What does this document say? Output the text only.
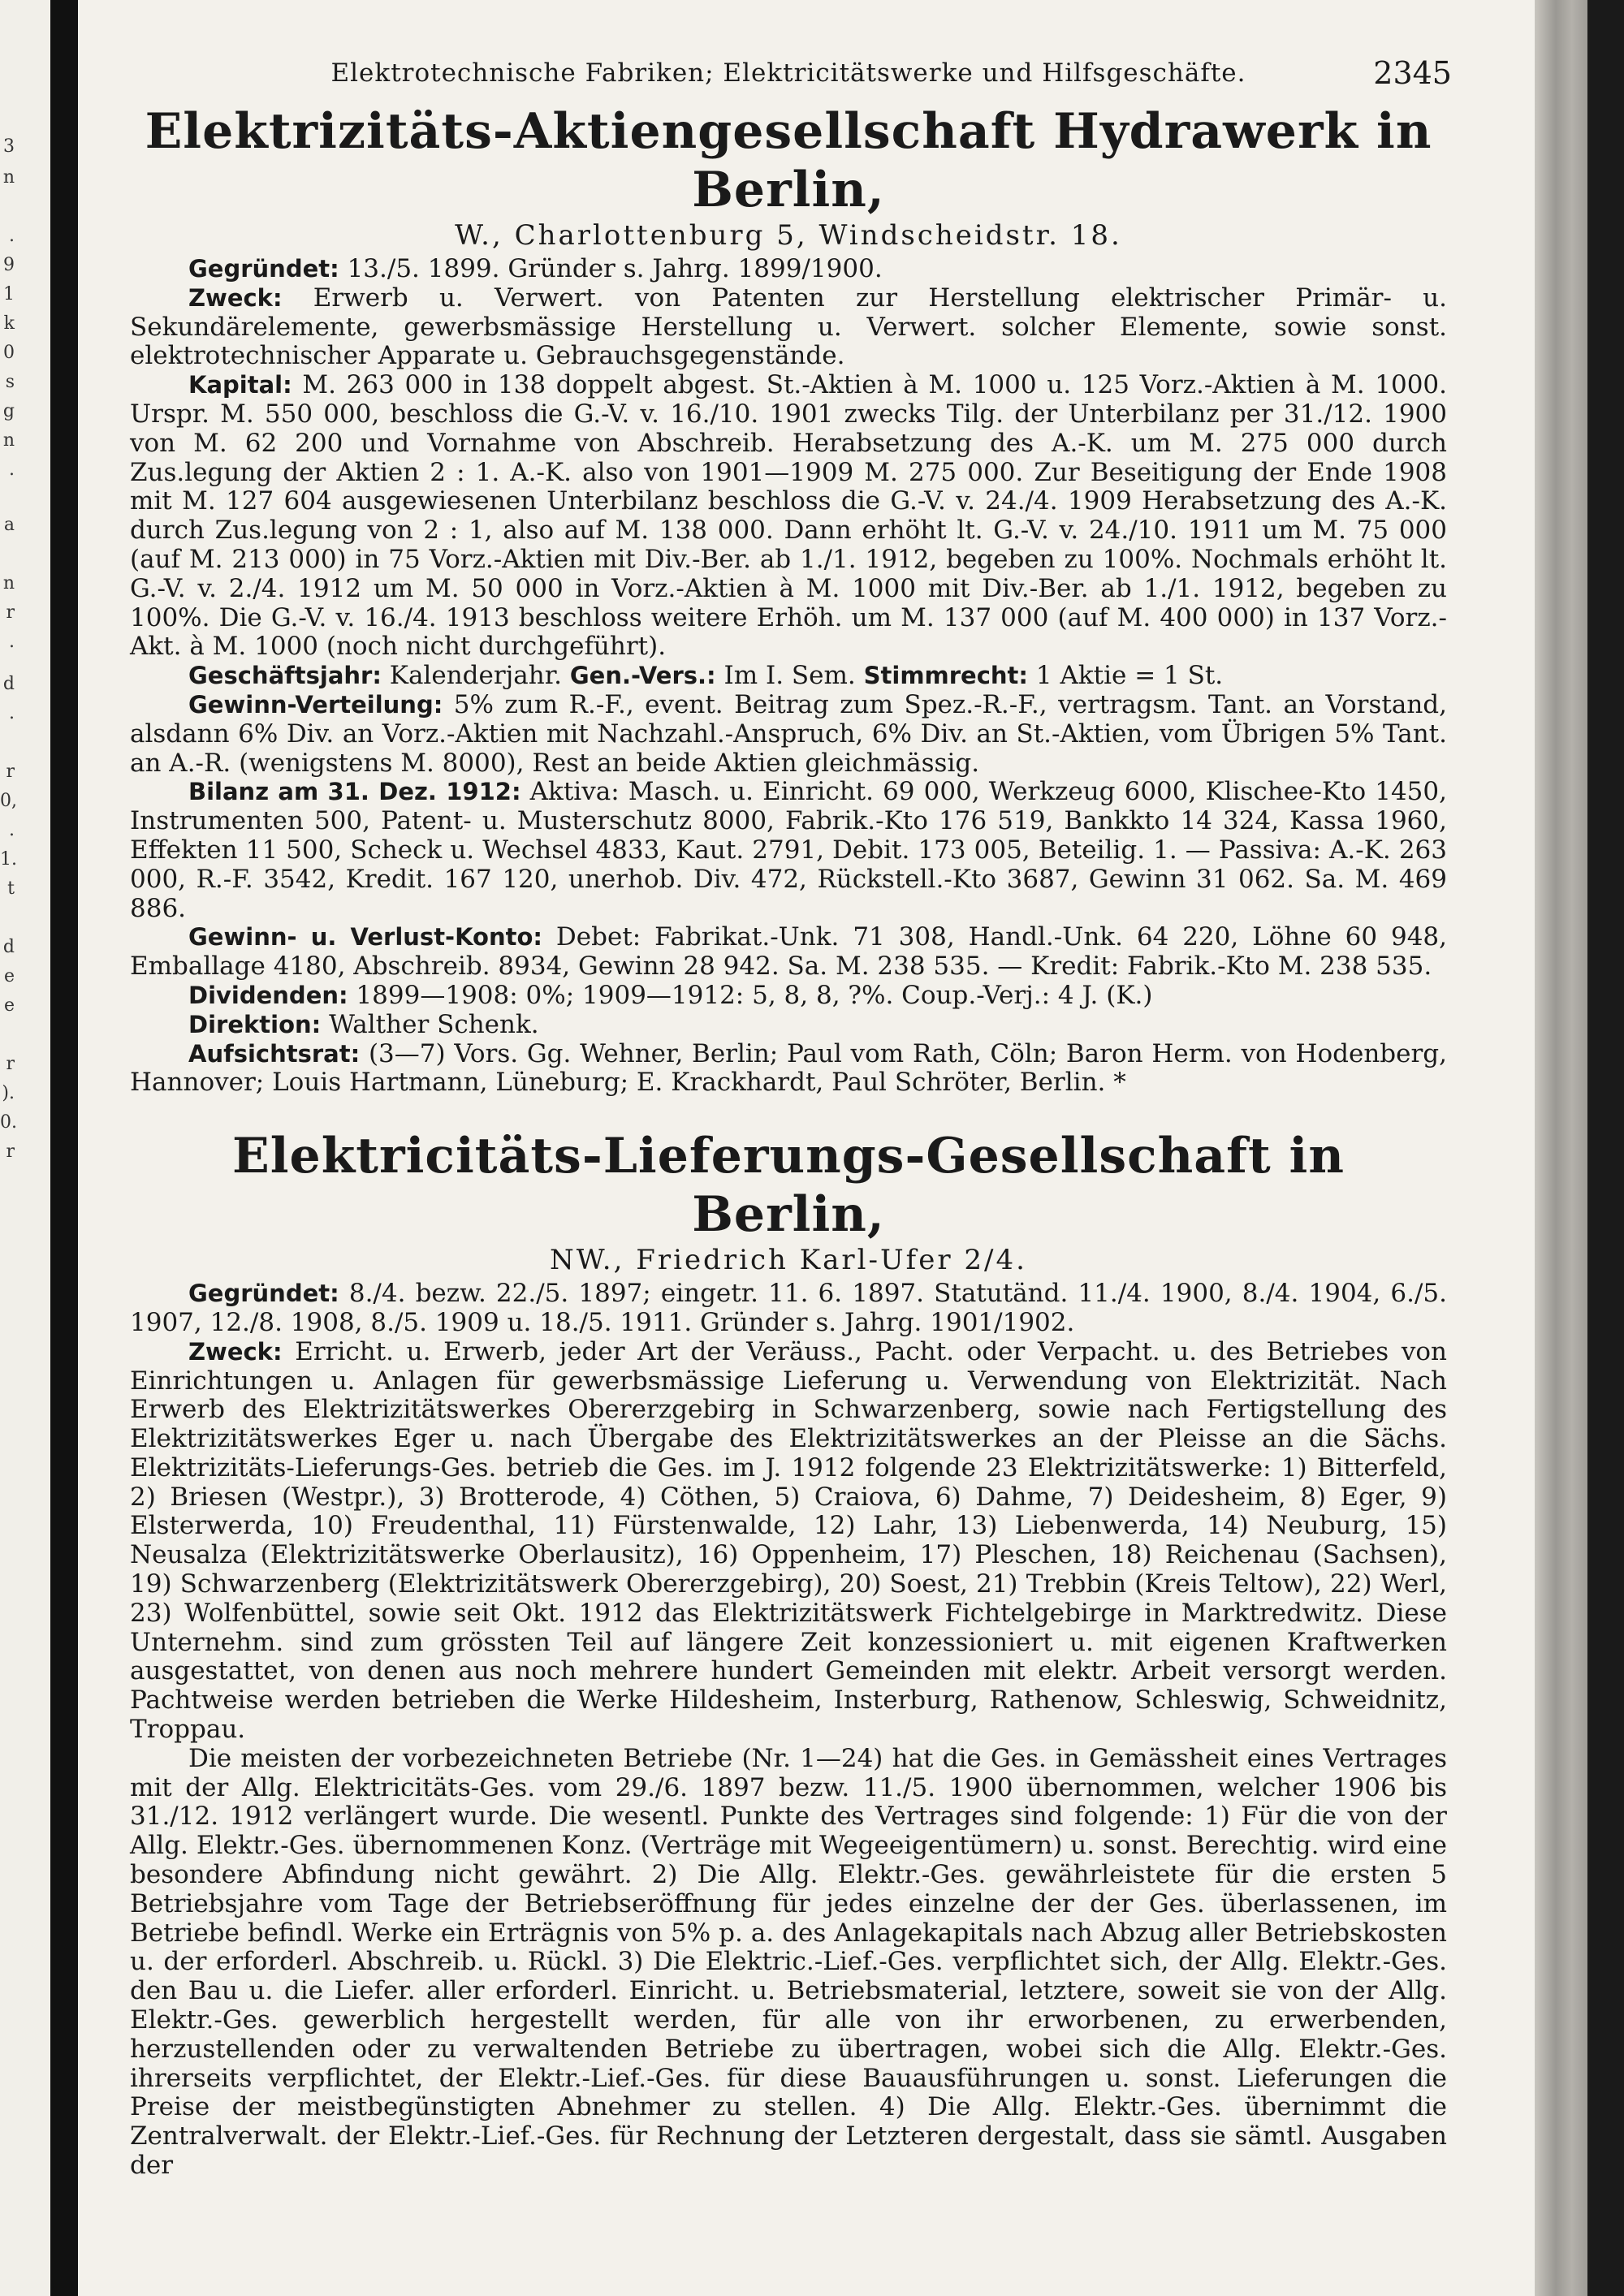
3
n
.
9
1
k
0
s
g
n
.
a
n
r
.
d
.
r
0,
.
1.
t
d
e
e
r
).
0.
r
Elektrotechnische Fabriken; Elektricitätswerke und Hilfsgeschäfte.	2345
Elektrizitäts-Aktiengesellschaft Hydrawerk in Berlin,
W., Charlottenburg 5, Windscheidstr. 18.

Gegründet: 13./5. 1899. Gründer s. Jahrg. 1899/1900.

Zweck: Erwerb u. Verwert. von Patenten zur Herstellung elektrischer Primär- u. Sekundärelemente, gewerbsmässige Herstellung u. Verwert. solcher Elemente, sowie sonst. elektrotechnischer Apparate u. Gebrauchsgegenstände.

Kapital: M. 263 000 in 138 doppelt abgest. St.-Aktien à M. 1000 u. 125 Vorz.-Aktien à M. 1000. Urspr. M. 550 000, beschloss die G.-V. v. 16./10. 1901 zwecks Tilg. der Unterbilanz per 31./12. 1900 von M. 62 200 und Vornahme von Abschreib. Herabsetzung des A.-K. um M. 275 000 durch Zus.legung der Aktien 2 : 1. A.-K. also von 1901—1909 M. 275 000. Zur Beseitigung der Ende 1908 mit M. 127 604 ausgewiesenen Unterbilanz beschloss die G.-V. v. 24./4. 1909 Herabsetzung des A.-K. durch Zus.legung von 2 : 1, also auf M. 138 000. Dann erhöht lt. G.-V. v. 24./10. 1911 um M. 75 000 (auf M. 213 000) in 75 Vorz.-Aktien mit Div.-Ber. ab 1./1. 1912, begeben zu 100%. Nochmals erhöht lt. G.-V. v. 2./4. 1912 um M. 50 000 in Vorz.-Aktien à M. 1000 mit Div.-Ber. ab 1./1. 1912, begeben zu 100%. Die G.-V. v. 16./4. 1913 beschloss weitere Erhöh. um M. 137 000 (auf M. 400 000) in 137 Vorz.-Akt. à M. 1000 (noch nicht durchgeführt).

Geschäftsjahr: Kalenderjahr. Gen.-Vers.: Im I. Sem. Stimmrecht: 1 Aktie = 1 St.

Gewinn-Verteilung: 5% zum R.-F., event. Beitrag zum Spez.-R.-F., vertragsm. Tant. an Vorstand, alsdann 6% Div. an Vorz.-Aktien mit Nachzahl.-Anspruch, 6% Div. an St.-Aktien, vom Übrigen 5% Tant. an A.-R. (wenigstens M. 8000), Rest an beide Aktien gleichmässig.

Bilanz am 31. Dez. 1912: Aktiva: Masch. u. Einricht. 69 000, Werkzeug 6000, Klischee-Kto 1450, Instrumenten 500, Patent- u. Musterschutz 8000, Fabrik.-Kto 176 519, Bankkto 14 324, Kassa 1960, Effekten 11 500, Scheck u. Wechsel 4833, Kaut. 2791, Debit. 173 005, Beteilig. 1. — Passiva: A.-K. 263 000, R.-F. 3542, Kredit. 167 120, unerhob. Div. 472, Rückstell.-Kto 3687, Gewinn 31 062. Sa. M. 469 886.

Gewinn- u. Verlust-Konto: Debet: Fabrikat.-Unk. 71 308, Handl.-Unk. 64 220, Löhne 60 948, Emballage 4180, Abschreib. 8934, Gewinn 28 942. Sa. M. 238 535. — Kredit: Fabrik.-Kto M. 238 535.

Dividenden: 1899—1908: 0%; 1909—1912: 5, 8, 8, ?%. Coup.-Verj.: 4 J. (K.)

Direktion: Walther Schenk.

Aufsichtsrat: (3—7) Vors. Gg. Wehner, Berlin; Paul vom Rath, Cöln; Baron Herm. von Hodenberg, Hannover; Louis Hartmann, Lüneburg; E. Krackhardt, Paul Schröter, Berlin. *

Elektricitäts-Lieferungs-Gesellschaft in Berlin,
NW., Friedrich Karl-Ufer 2/4.

Gegründet: 8./4. bezw. 22./5. 1897; eingetr. 11. 6. 1897. Statutänd. 11./4. 1900, 8./4. 1904, 6./5. 1907, 12./8. 1908, 8./5. 1909 u. 18./5. 1911. Gründer s. Jahrg. 1901/1902.

Zweck: Erricht. u. Erwerb, jeder Art der Veräuss., Pacht. oder Verpacht. u. des Betriebes von Einrichtungen u. Anlagen für gewerbsmässige Lieferung u. Verwendung von Elektrizität. Nach Erwerb des Elektrizitätswerkes Obererzgebirg in Schwarzenberg, sowie nach Fertigstellung des Elektrizitätswerkes Eger u. nach Übergabe des Elektrizitätswerkes an der Pleisse an die Sächs. Elektrizitäts-Lieferungs-Ges. betrieb die Ges. im J. 1912 folgende 23 Elektrizitätswerke: 1) Bitterfeld, 2) Briesen (Westpr.), 3) Brotterode, 4) Cöthen, 5) Craiova, 6) Dahme, 7) Deidesheim, 8) Eger, 9) Elsterwerda, 10) Freudenthal, 11) Fürstenwalde, 12) Lahr, 13) Liebenwerda, 14) Neuburg, 15) Neusalza (Elektrizitätswerke Oberlausitz), 16) Oppenheim, 17) Pleschen, 18) Reichenau (Sachsen), 19) Schwarzenberg (Elektrizitätswerk Obererzgebirg), 20) Soest, 21) Trebbin (Kreis Teltow), 22) Werl, 23) Wolfenbüttel, sowie seit Okt. 1912 das Elektrizitätswerk Fichtelgebirge in Marktredwitz. Diese Unternehm. sind zum grössten Teil auf längere Zeit konzessioniert u. mit eigenen Kraftwerken ausgestattet, von denen aus noch mehrere hundert Gemeinden mit elektr. Arbeit versorgt werden. Pachtweise werden betrieben die Werke Hildesheim, Insterburg, Rathenow, Schleswig, Schweidnitz, Troppau.

Die meisten der vorbezeichneten Betriebe (Nr. 1—24) hat die Ges. in Gemässheit eines Vertrages mit der Allg. Elektricitäts-Ges. vom 29./6. 1897 bezw. 11./5. 1900 übernommen, welcher 1906 bis 31./12. 1912 verlängert wurde. Die wesentl. Punkte des Vertrages sind folgende: 1) Für die von der Allg. Elektr.-Ges. übernommenen Konz. (Verträge mit Wegeeigentümern) u. sonst. Berechtig. wird eine besondere Abfindung nicht gewährt. 2) Die Allg. Elektr.-Ges. gewährleistete für die ersten 5 Betriebsjahre vom Tage der Betriebseröffnung für jedes einzelne der der Ges. überlassenen, im Betriebe befindl. Werke ein Erträgnis von 5% p. a. des Anlagekapitals nach Abzug aller Betriebskosten u. der erforderl. Abschreib. u. Rückl. 3) Die Elektric.-Lief.-Ges. verpflichtet sich, der Allg. Elektr.-Ges. den Bau u. die Liefer. aller erforderl. Einricht. u. Betriebsmaterial, letztere, soweit sie von der Allg. Elektr.-Ges. gewerblich hergestellt werden, für alle von ihr erworbenen, zu erwerbenden, herzustellenden oder zu verwaltenden Betriebe zu übertragen, wobei sich die Allg. Elektr.-Ges. ihrerseits verpflichtet, der Elektr.-Lief.-Ges. für diese Bauausführungen u. sonst. Lieferungen die Preise der meistbegünstigten Abnehmer zu stellen. 4) Die Allg. Elektr.-Ges. übernimmt die Zentralverwalt. der Elektr.-Lief.-Ges. für Rechnung der Letzteren dergestalt, dass sie sämtl. Ausgaben der
